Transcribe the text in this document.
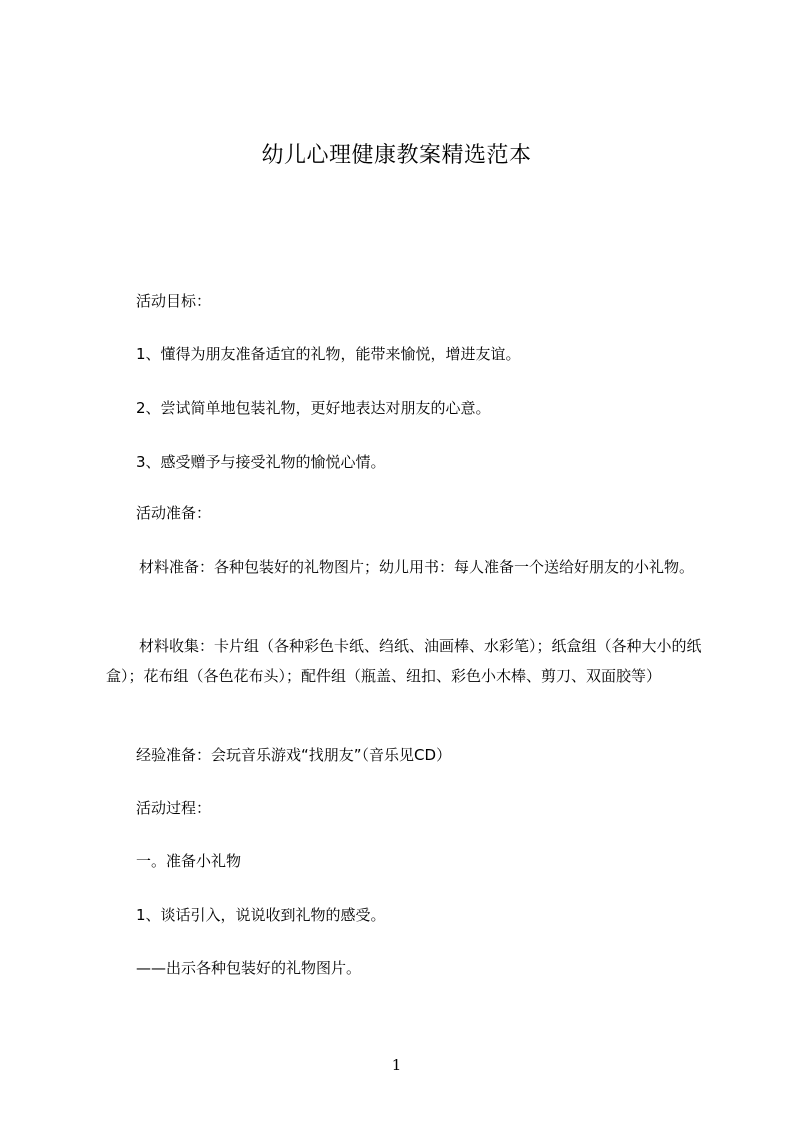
幼儿心理健康教案精选范本

活动目标：

1、懂得为朋友准备适宜的礼物，能带来愉悦，增进友谊。

2、尝试简单地包装礼物，更好地表达对朋友的心意。

3、感受赠予与接受礼物的愉悦心情。

活动准备：

材料准备：各种包装好的礼物图片；幼儿用书：每人准备一个送给好朋友的小礼物。

材料收集：卡片组（各种彩色卡纸、绉纸、油画棒、水彩笔）；纸盒组（各种大小的纸盒）；花布组（各色花布头）；配件组（瓶盖、纽扣、彩色小木棒、剪刀、双面胶等）

经验准备：会玩音乐游戏“找朋友”（音乐见CD）

活动过程：

一。准备小礼物

1、谈话引入，说说收到礼物的感受。

——出示各种包装好的礼物图片。

1
